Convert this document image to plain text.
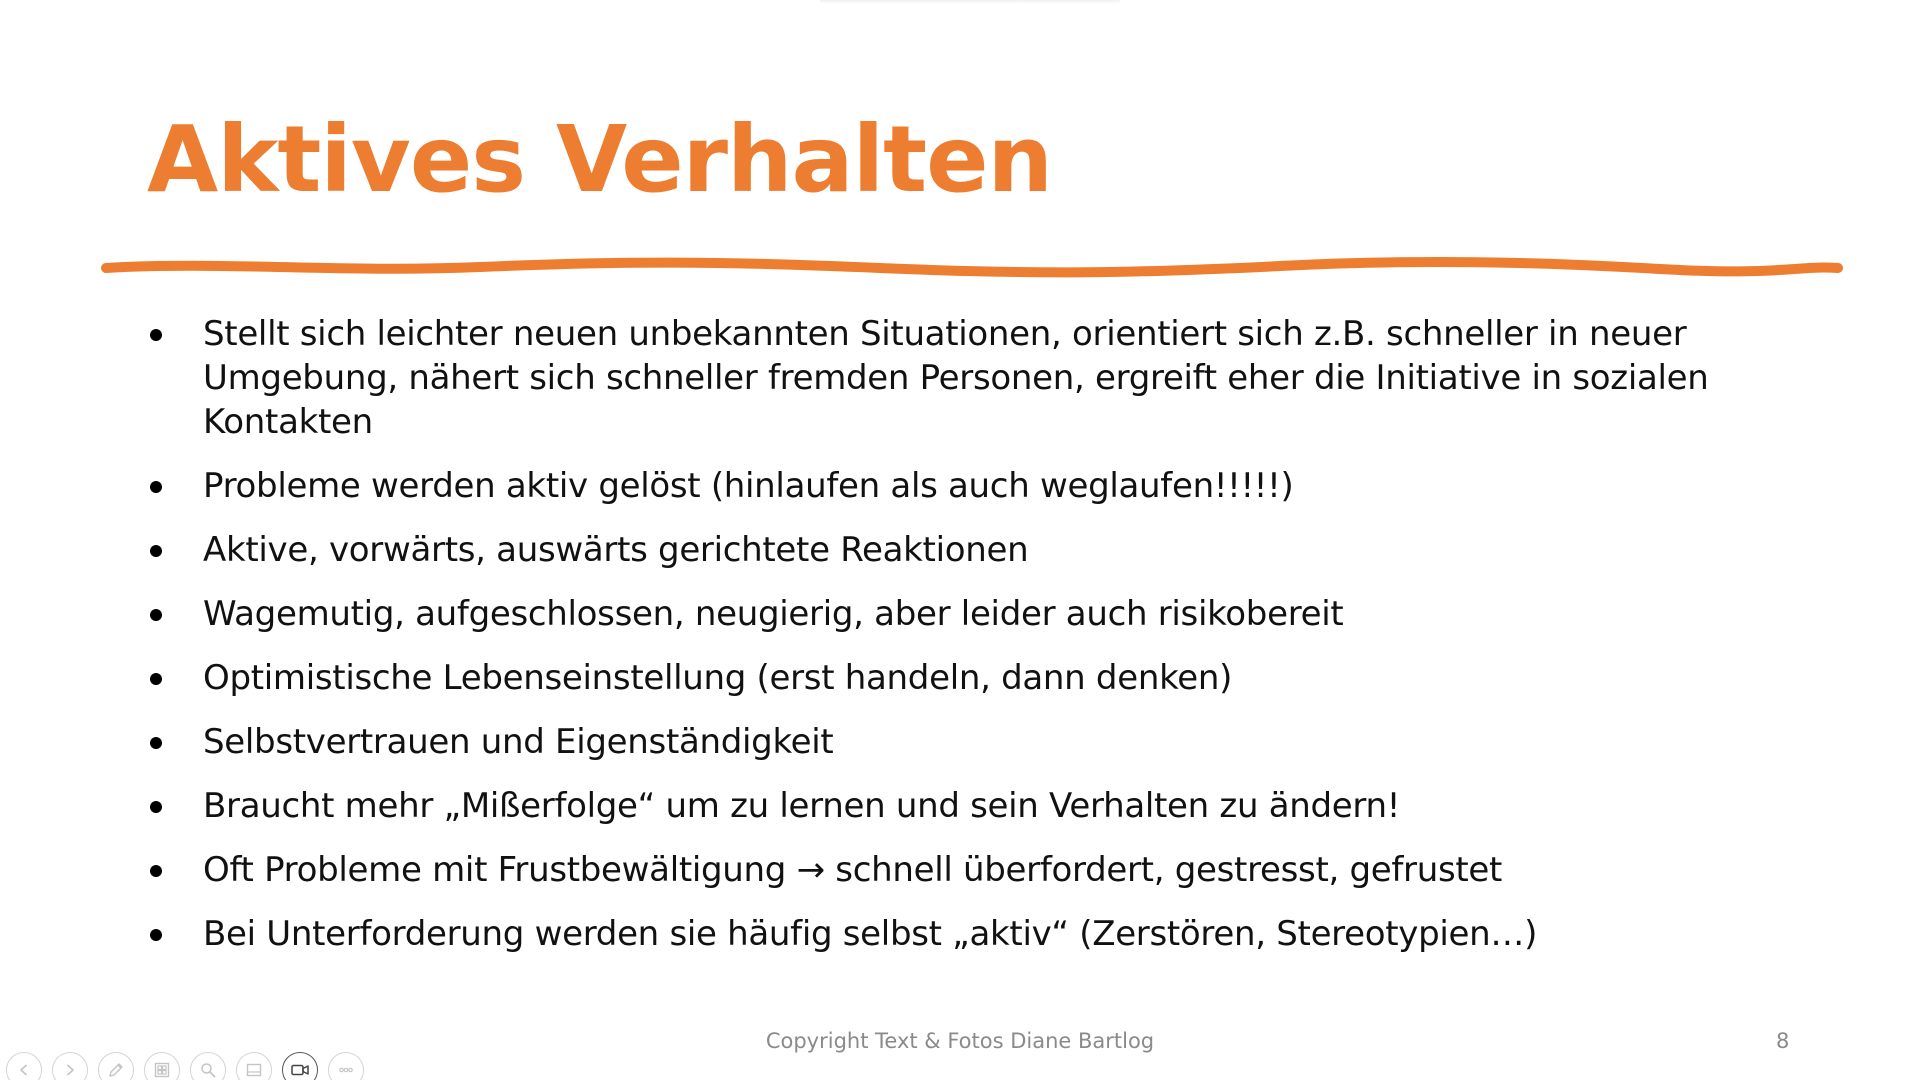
Aktives Verhalten
Stellt sich leichter neuen unbekannten Situationen, orientiert sich z.B. schneller in neuer Umgebung, nähert sich schneller fremden Personen, ergreift eher die Initiative in sozialen Kontakten
Probleme werden aktiv gelöst (hinlaufen als auch weglaufen!!!!!)
Aktive, vorwärts, auswärts gerichtete Reaktionen
Wagemutig, aufgeschlossen, neugierig, aber leider auch risikobereit
Optimistische Lebenseinstellung (erst handeln, dann denken)
Selbstvertrauen und Eigenständigkeit
Braucht mehr „Mißerfolge“ um zu lernen und sein Verhalten zu ändern!
Oft Probleme mit Frustbewältigung → schnell überfordert, gestresst, gefrustet
Bei Unterforderung werden sie häufig selbst „aktiv“ (Zerstören, Stereotypien…)
Copyright Text & Fotos Diane Bartlog	8
